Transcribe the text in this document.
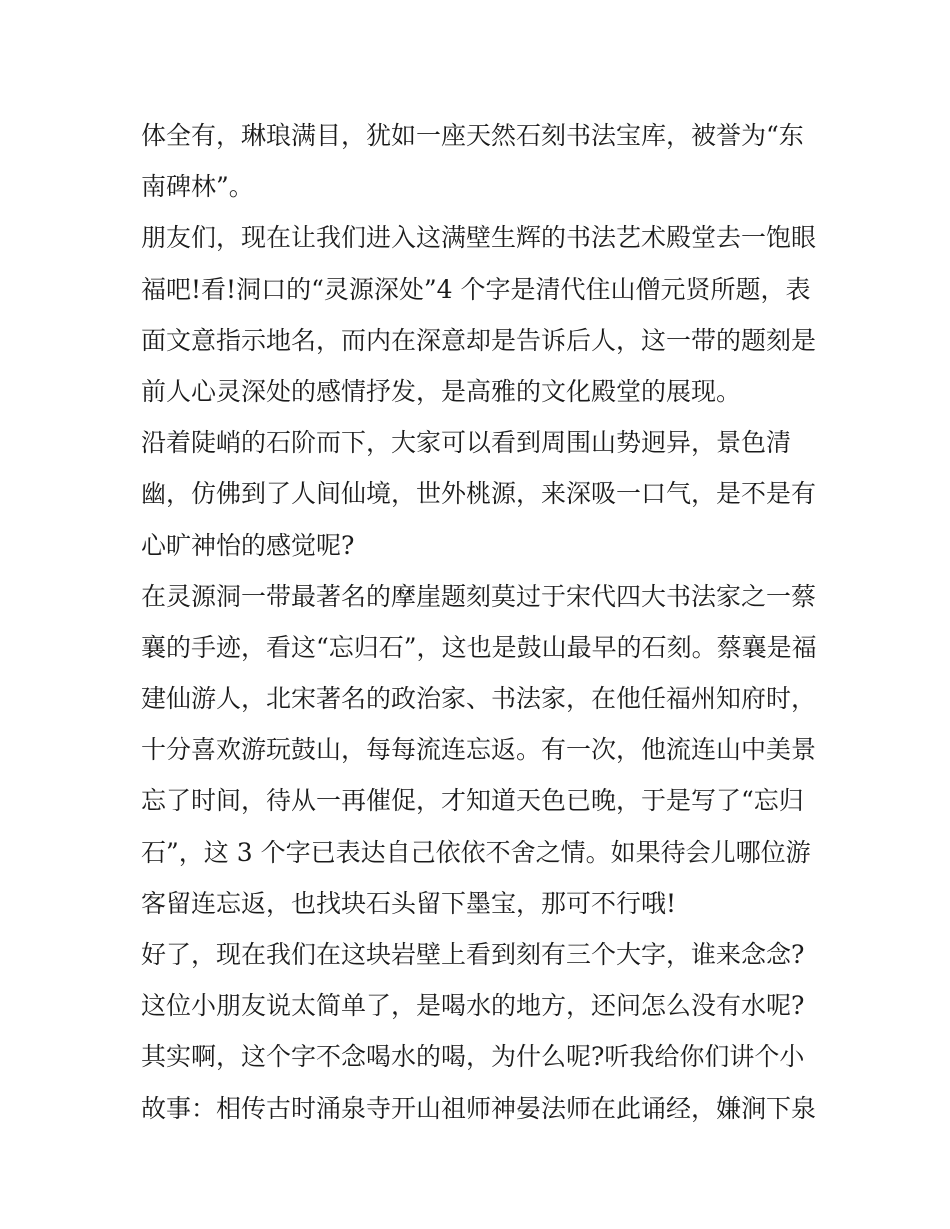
体全有，琳琅满目，犹如一座天然石刻书法宝库，被誉为“东
南碑林”。
朋友们，现在让我们进入这满壁生辉的书法艺术殿堂去一饱眼
福吧!看!洞口的“灵源深处”4 个字是清代住山僧元贤所题，表
面文意指示地名，而内在深意却是告诉后人，这一带的题刻是
前人心灵深处的感情抒发，是高雅的文化殿堂的展现。
沿着陡峭的石阶而下，大家可以看到周围山势迥异，景色清
幽，仿佛到了人间仙境，世外桃源，来深吸一口气，是不是有
心旷神怡的感觉呢?
在灵源洞一带最著名的摩崖题刻莫过于宋代四大书法家之一蔡
襄的手迹，看这“忘归石”，这也是鼓山最早的石刻。蔡襄是福
建仙游人，北宋著名的政治家、书法家，在他任福州知府时，
十分喜欢游玩鼓山，每每流连忘返。有一次，他流连山中美景
忘了时间，待从一再催促，才知道天色已晚，于是写了“忘归
石”，这 3 个字已表达自己依依不舍之情。如果待会儿哪位游
客留连忘返，也找块石头留下墨宝，那可不行哦!
好了，现在我们在这块岩壁上看到刻有三个大字，谁来念念?
这位小朋友说太简单了，是喝水的地方，还问怎么没有水呢?
其实啊，这个字不念喝水的喝，为什么呢?听我给你们讲个小
故事：相传古时涌泉寺开山祖师神晏法师在此诵经，嫌涧下泉
